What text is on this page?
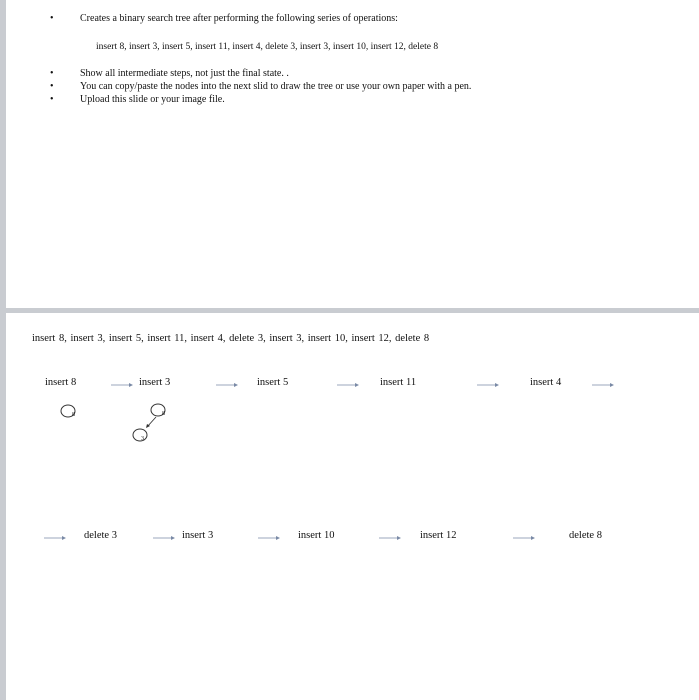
•	Creates a binary search tree after performing the following series of operations:
insert 8, insert 3, insert 5, insert 11, insert 4, delete 3, insert 3, insert 10, insert 12, delete 8
•	Show all intermediate steps, not just the final state. .
•	You can copy/paste the nodes into the next slid to draw the tree or use your own paper with a pen.
•	Upload this slide or your image file.
insert 8, insert 3, insert 5, insert 11, insert 4, delete 3, insert 3, insert 10, insert 12, delete 8
insert 8	insert 3	insert 5	insert 11	insert 4
8	8
3
delete 3	insert 3	insert 10	insert 12	delete 8
